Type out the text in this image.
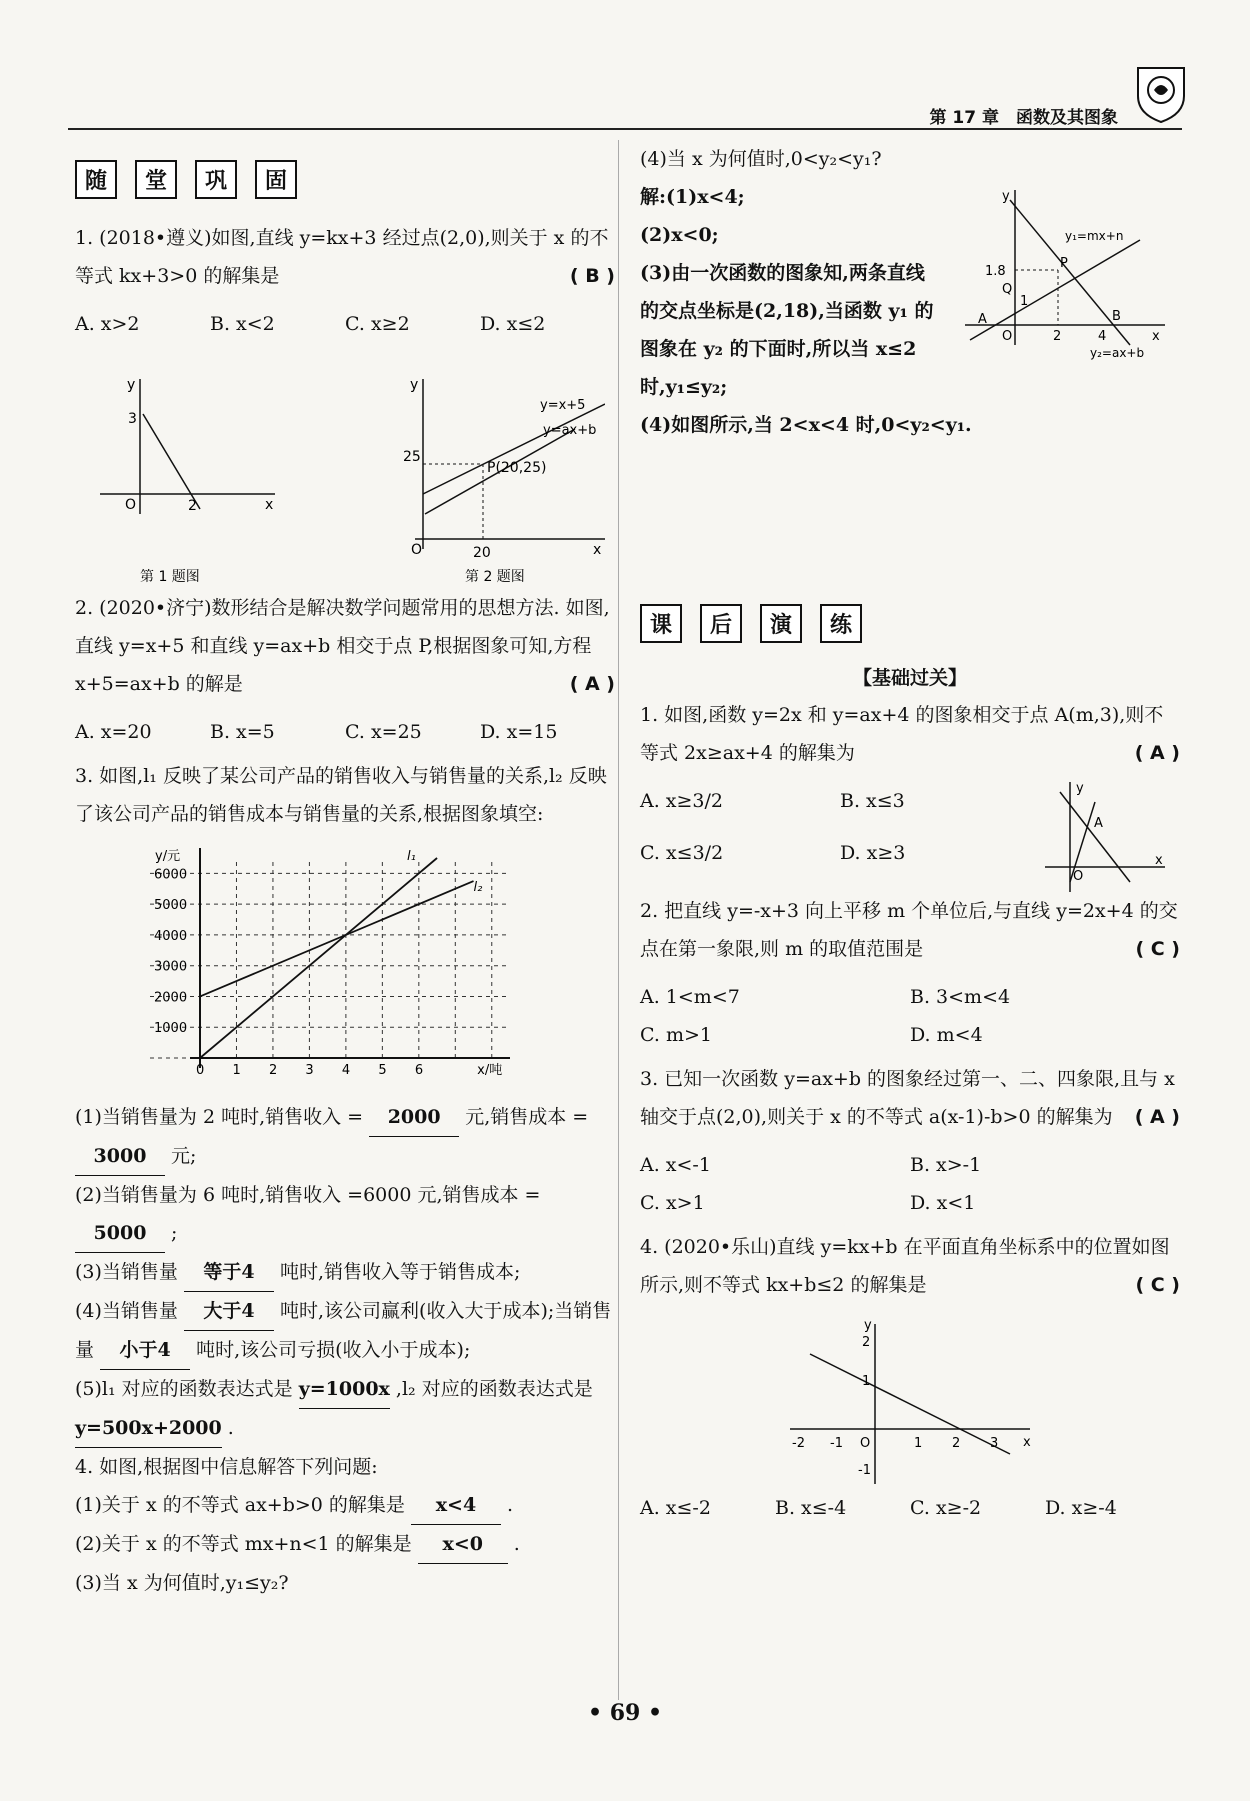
第 17 章　函数及其图象
随	堂	巩	固
1. (2018•遵义)如图,直线 y=kx+3 经过点(2,0),则关于 x 的不等式 kx+3>0 的解集是	( B )
A. x>2	B. x<2	C. x≥2	D. x≤2
y
x
O
3
2
第 1 题图
y
x
O
y=x+5
y=ax+b
P(20,25)
25
20
第 2 题图
2. (2020•济宁)数形结合是解决数学问题常用的思想方法. 如图,直线 y=x+5 和直线 y=ax+b 相交于点 P,根据图象可知,方程 x+5=ax+b 的解是	( A )
A. x=20	B. x=5	C. x=25	D. x=15
3. 如图,l₁ 反映了某公司产品的销售收入与销售量的关系,l₂ 反映了该公司产品的销售成本与销售量的关系,根据图象填空:
0 1 2 3 4 5 6
1000
2000
3000
4000
5000
6000
y/元
x/吨
l₁
l₂
(1)当销售量为 2 吨时,销售收入 = 2000 元,销售成本 = 3000 元;
(2)当销售量为 6 吨时,销售收入 =6000 元,销售成本 = 5000 ;
(3)当销售量 等于4 吨时,销售收入等于销售成本;
(4)当销售量 大于4 吨时,该公司赢利(收入大于成本);当销售量 小于4 吨时,该公司亏损(收入小于成本);
(5)l₁ 对应的函数表达式是 y=1000x ,l₂ 对应的函数表达式是 y=500x+2000 .
4. 如图,根据图中信息解答下列问题:
(1)关于 x 的不等式 ax+b>0 的解集是 x<4 .
(2)关于 x 的不等式 mx+n<1 的解集是 x<0 .
(3)当 x 为何值时,y₁≤y₂?
(4)当 x 为何值时,0<y₂<y₁?
解:(1)x<4;
(2)x<0;
(3)由一次函数的图象知,两条直线的交点坐标是(2,18),当函数 y₁ 的图象在 y₂ 的下面时,所以当 x≤2 时,y₁≤y₂;
y
x
O
A	B
P
Q
1.8
1
2	4
y₁=mx+n
y₂=ax+b
(4)如图所示,当 2<x<4 时,0<y₂<y₁.
课	后	演	练
【基础过关】
1. 如图,函数 y=2x 和 y=ax+4 的图象相交于点 A(m,3),则不等式 2x≥ax+4 的解集为	( A )
A. x≥3/2	B. x≤3
C. x≤3/2	D. x≥3
y
x
O
A
2. 把直线 y=-x+3 向上平移 m 个单位后,与直线 y=2x+4 的交点在第一象限,则 m 的取值范围是	( C )
A. 1<m<7	B. 3<m<4
C. m>1	D. m<4
3. 已知一次函数 y=ax+b 的图象经过第一、二、四象限,且与 x 轴交于点(2,0),则关于 x 的不等式 a(x-1)-b>0 的解集为 ( A )
A. x<-1	B. x>-1
C. x>1	D. x<1
4. (2020•乐山)直线 y=kx+b 在平面直角坐标系中的位置如图所示,则不等式 kx+b≤2 的解集是	( C )
y
x
O
2
1
-1
-2 -1	1 2 3
A. x≤-2	B. x≤-4	C. x≥-2	D. x≥-4
• 69 •
